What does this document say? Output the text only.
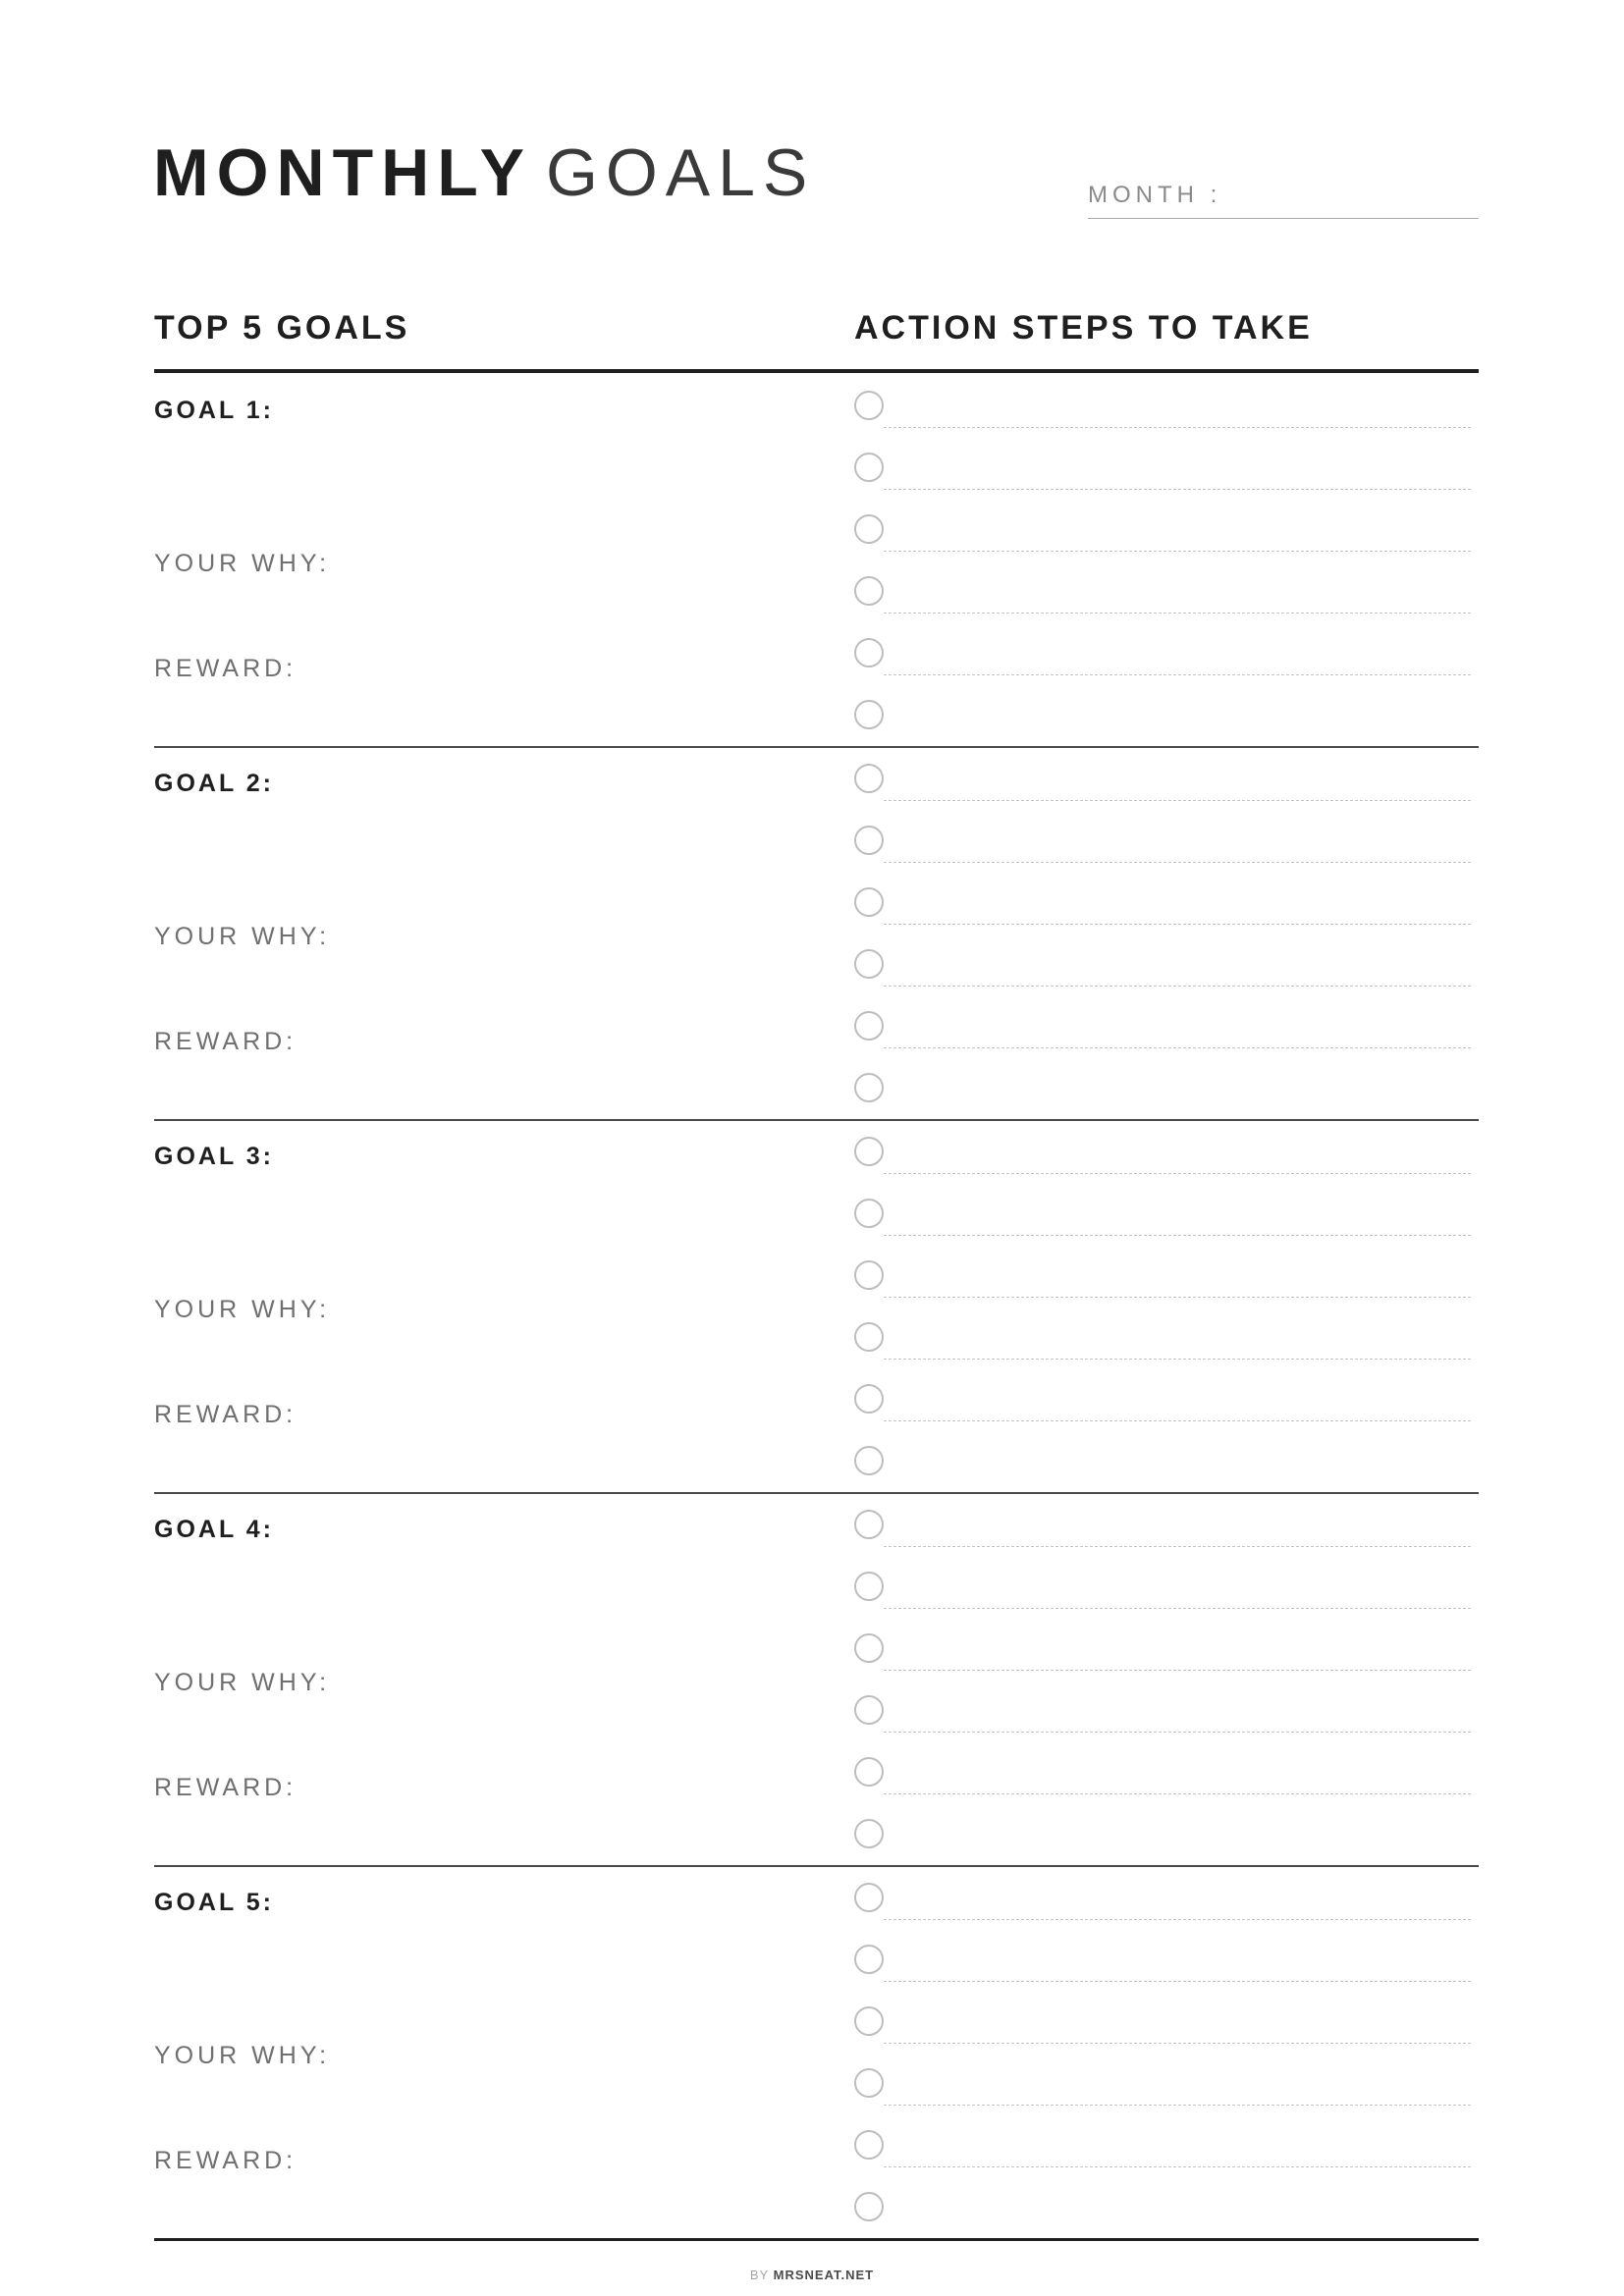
MONTHLY GOALS	MONTH :
TOP 5 GOALS	ACTION STEPS TO TAKE
GOAL 1:
YOUR WHY:
REWARD:
GOAL 2:
YOUR WHY:
REWARD:
GOAL 3:
YOUR WHY:
REWARD:
GOAL 4:
YOUR WHY:
REWARD:
GOAL 5:
YOUR WHY:
REWARD:
BY MRSNEAT.NET
